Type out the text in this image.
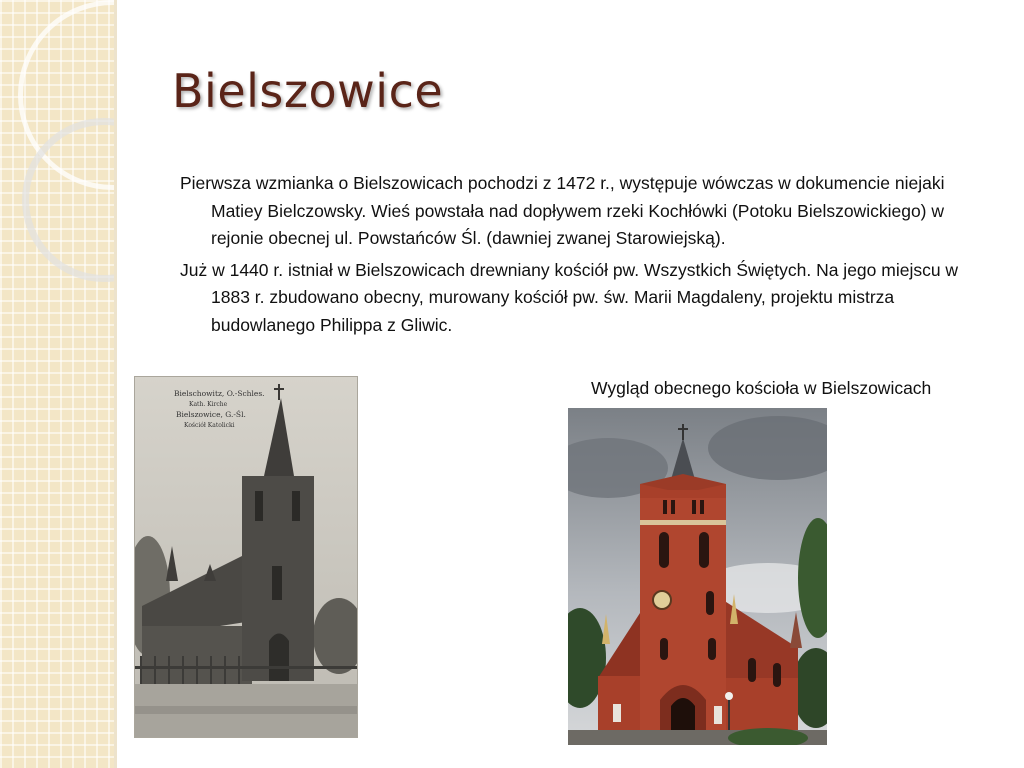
Bielszowice

Pierwsza wzmianka o Bielszowicach pochodzi z 1472 r., występuje wówczas w dokumencie niejaki Matiey Bielczowsky. Wieś powstała nad dopływem rzeki Kochłówki (Potoku Bielszowickiego) w rejonie obecnej ul. Powstańców Śl. (dawniej zwanej Starowiejską).

Już w 1440 r. istniał w Bielszowicach drewniany kościół pw. Wszystkich Świętych. Na jego miejscu w 1883 r. zbudowano obecny, murowany kościół pw. św. Marii Magdaleny, projektu mistrza budowlanego Philippa z Gliwic.

Wygląd obecnego kościoła w Bielszowicach

Bielschowitz, O.-Schles.
Kath. Kirche
Bielszowice, G.-Śl.
Kościół Katolicki
